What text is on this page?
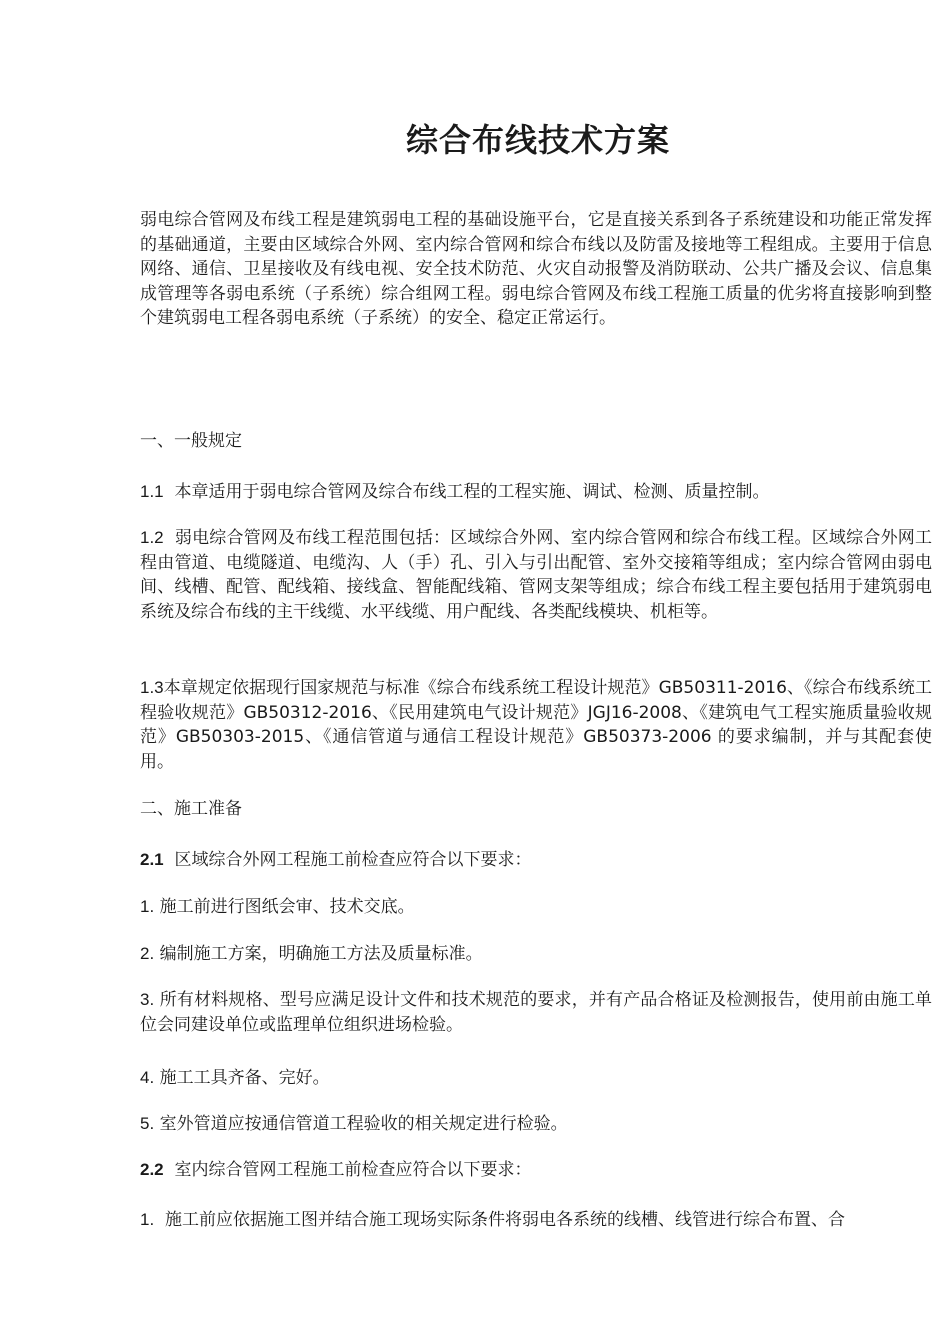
综合布线技术方案

弱电综合管网及布线工程是建筑弱电工程的基础设施平台，它是直接关系到各子系统建设和功能正常发挥的基础通道，主要由区域综合外网、室内综合管网和综合布线以及防雷及接地等工程组成。主要用于信息网络、通信、卫星接收及有线电视、安全技术防范、火灾自动报警及消防联动、公共广播及会议、信息集成管理等各弱电系统（子系统）综合组网工程。弱电综合管网及布线工程施工质量的优劣将直接影响到整个建筑弱电工程各弱电系统（子系统）的安全、稳定正常运行。

一、一般规定

1.1 本章适用于弱电综合管网及综合布线工程的工程实施、调试、检测、质量控制。

1.2 弱电综合管网及布线工程范围包括：区域综合外网、室内综合管网和综合布线工程。区域综合外网工程由管道、电缆隧道、电缆沟、人（手）孔、引入与引出配管、室外交接箱等组成；室内综合管网由弱电间、线槽、配管、配线箱、接线盒、智能配线箱、管网支架等组成；综合布线工程主要包括用于建筑弱电系统及综合布线的主干线缆、水平线缆、用户配线、各类配线模块、机柜等。

1.3本章规定依据现行国家规范与标准《综合布线系统工程设计规范》GB50311-2016、《综合布线系统工程验收规范》GB50312-2016、《民用建筑电气设计规范》JGJ16-2008、《建筑电气工程实施质量验收规范》GB50303-2015、《通信管道与通信工程设计规范》GB50373-2006 的要求编制，并与其配套使用。

二、施工准备

2.1 区域综合外网工程施工前检查应符合以下要求：

1. 施工前进行图纸会审、技术交底。

2. 编制施工方案，明确施工方法及质量标准。

3. 所有材料规格、型号应满足设计文件和技术规范的要求，并有产品合格证及检测报告，使用前由施工单位会同建设单位或监理单位组织进场检验。

4. 施工工具齐备、完好。

5. 室外管道应按通信管道工程验收的相关规定进行检验。

2.2 室内综合管网工程施工前检查应符合以下要求：

1. 施工前应依据施工图并结合施工现场实际条件将弱电各系统的线槽、线管进行综合布置、合
